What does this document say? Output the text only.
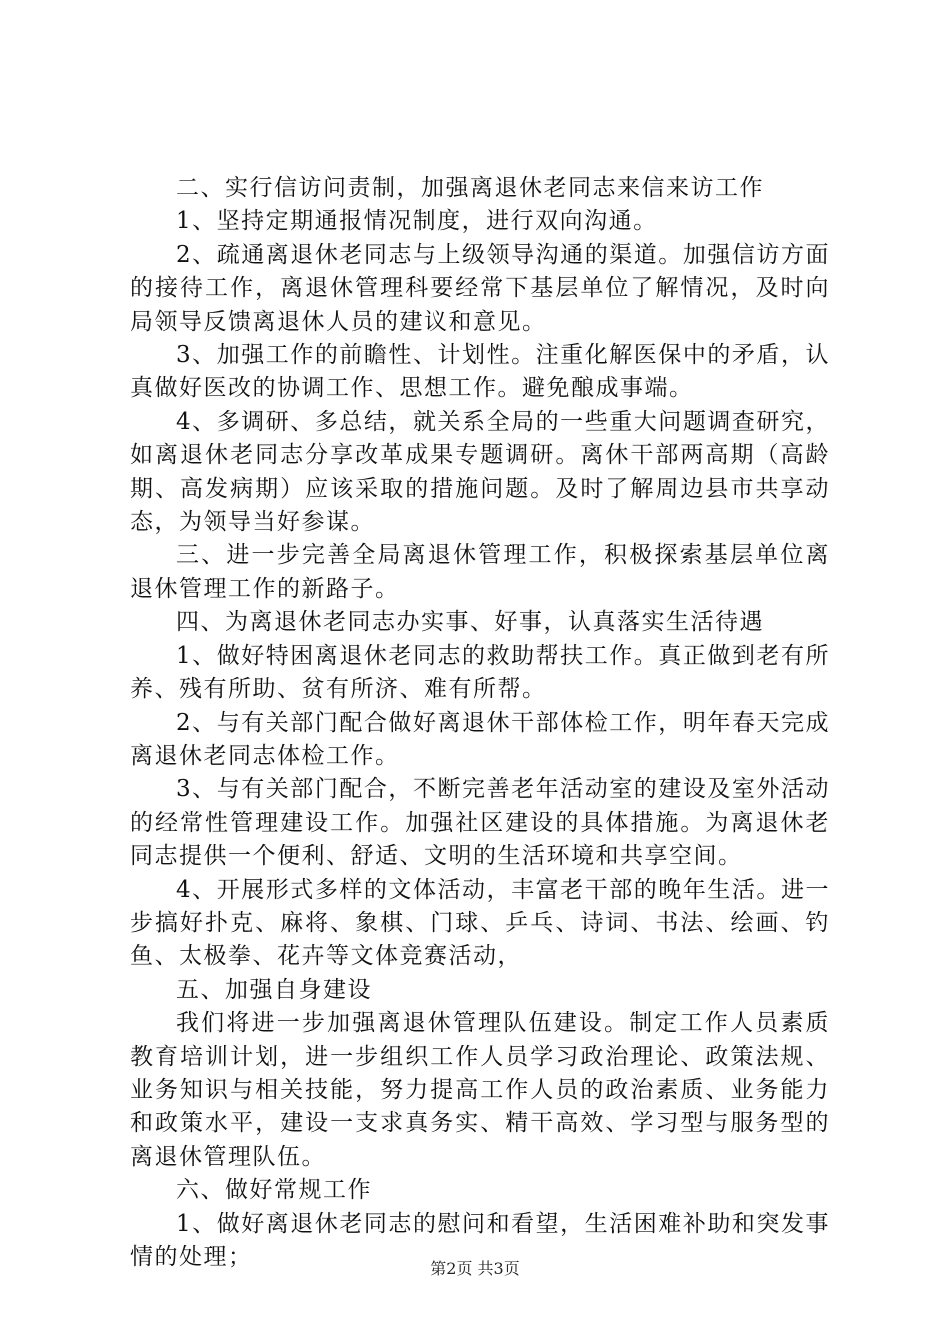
二、实行信访问责制，加强离退休老同志来信来访工作

1、坚持定期通报情况制度，进行双向沟通。

2、疏通离退休老同志与上级领导沟通的渠道。加强信访方面的接待工作，离退休管理科要经常下基层单位了解情况，及时向局领导反馈离退休人员的建议和意见。

3、加强工作的前瞻性、计划性。注重化解医保中的矛盾，认真做好医改的协调工作、思想工作。避免酿成事端。

4、多调研、多总结，就关系全局的一些重大问题调查研究，如离退休老同志分享改革成果专题调研。离休干部两高期（高龄期、高发病期）应该采取的措施问题。及时了解周边县市共享动态，为领导当好参谋。

三、进一步完善全局离退休管理工作，积极探索基层单位离退休管理工作的新路子。

四、为离退休老同志办实事、好事，认真落实生活待遇

1、做好特困离退休老同志的救助帮扶工作。真正做到老有所养、残有所助、贫有所济、难有所帮。

2、与有关部门配合做好离退休干部体检工作，明年春天完成离退休老同志体检工作。

3、与有关部门配合，不断完善老年活动室的建设及室外活动的经常性管理建设工作。加强社区建设的具体措施。为离退休老同志提供一个便利、舒适、文明的生活环境和共享空间。

4、开展形式多样的文体活动，丰富老干部的晚年生活。进一步搞好扑克、麻将、象棋、门球、乒乓、诗词、书法、绘画、钓鱼、太极拳、花卉等文体竞赛活动，

五、加强自身建设

我们将进一步加强离退休管理队伍建设。制定工作人员素质教育培训计划，进一步组织工作人员学习政治理论、政策法规、业务知识与相关技能，努力提高工作人员的政治素质、业务能力和政策水平，建设一支求真务实、精干高效、学习型与服务型的离退休管理队伍。

六、做好常规工作

1、做好离退休老同志的慰问和看望，生活困难补助和突发事情的处理；	第2页 共3页
